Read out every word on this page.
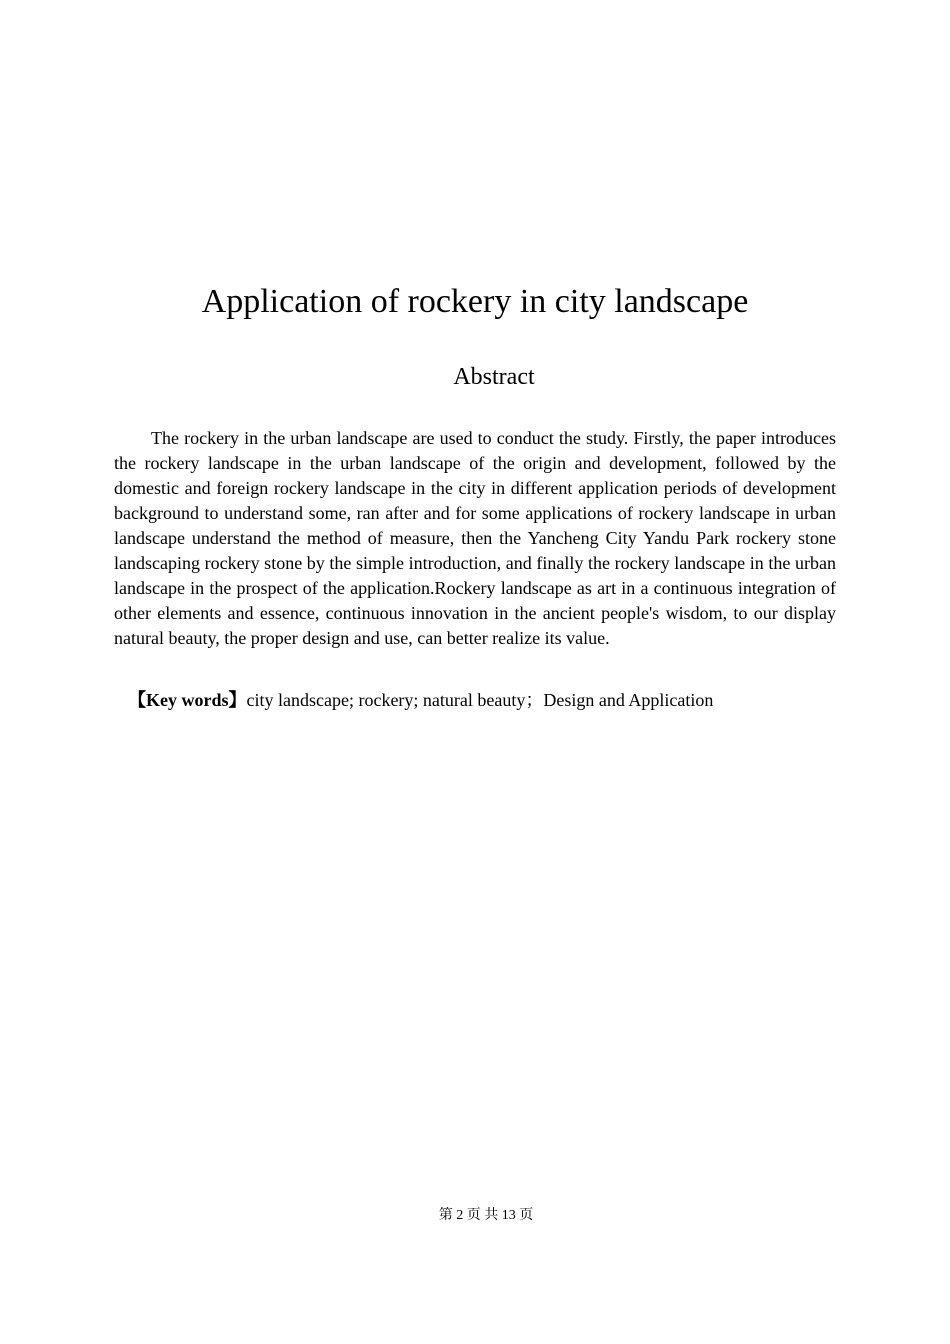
Application of rockery in city landscape
Abstract

The rockery in the urban landscape are used to conduct the study. Firstly, the paper introduces the rockery landscape in the urban landscape of the origin and development, followed by the domestic and foreign rockery landscape in the city in different application periods of development background to understand some, ran after and for some applications of rockery landscape in urban landscape understand the method of measure, then the Yancheng City Yandu Park rockery stone landscaping rockery stone by the simple introduction, and finally the rockery landscape in the urban landscape in the prospect of the application.Rockery landscape as art in a continuous integration of other elements and essence, continuous innovation in the ancient people's wisdom, to our display natural beauty, the proper design and use, can better realize its value.

【Key words】city landscape; rockery; natural beauty；Design and Application

第 2 页 共 13 页
